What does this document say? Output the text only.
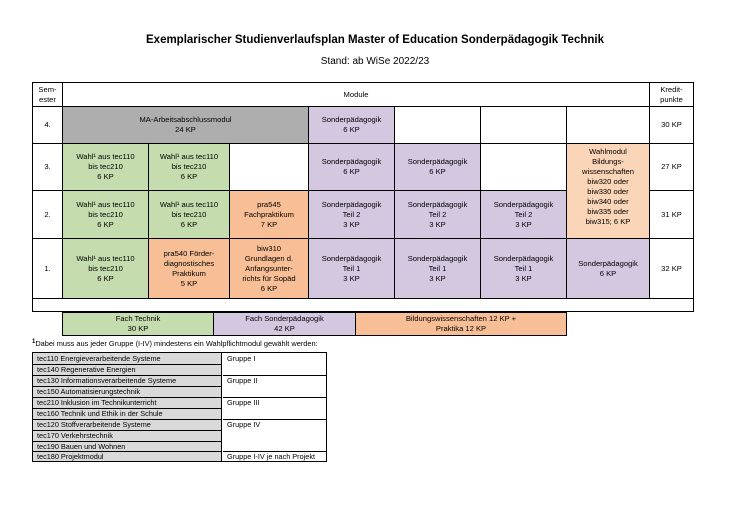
Exemplarischer Studienverlaufsplan Master of Education Sonderpädagogik Technik
Stand: ab WiSe 2022/23
Sem-
ester
Module
Kredit-
punkte
4.
MA-Arbeitsabschlussmodul
24 KP
Sonderpädagogik
6 KP
30 KP
3.
Wahl¹ aus tec110
bis tec210
6 KP
Wahl¹ aus tec110
bis tec210
6 KP
Sonderpädagogik
6 KP
Sonderpädagogik
6 KP
Wahlmodul
Bildungs-
wissenschaften
biw320 oder
biw330 oder
biw340 oder
biw335 oder
biw315; 6 KP
27 KP
2.
Wahl¹ aus tec110
bis tec210
6 KP
Wahl¹ aus tec110
bis tec210
6 KP
pra545
Fachpraktikum
7 KP
Sonderpädagogik
Teil 2
3 KP
Sonderpädagogik
Teil 2
3 KP
Sonderpädagogik
Teil 2
3 KP
31 KP
1.
Wahl¹ aus tec110
bis tec210
6 KP
pra540 Förder-
diagnostisches
Praktikum
5 KP
biw310
Grundlagen d.
Anfangsunter-
richts für Sopäd
6 KP
Sonderpädagogik
Teil 1
3 KP
Sonderpädagogik
Teil 1
3 KP
Sonderpädagogik
Teil 1
3 KP
Sonderpädagogik
6 KP
32 KP
Fach Technik
30 KP
Fach Sonderpädagogik
42 KP
Bildungswissenschaften 12 KP +
Praktika 12 KP
$^1$Dabei muss aus jeder Gruppe (I-IV) mindestens ein Wahlpflichtmodul gewählt werden:
tec110 Energieverarbeitende Systeme
tec140 Regenerative Energien
tec130 Informationsverarbeitende Systeme
tec150 Automatisierungstechnik
tec210 Inklusion im Technikunterricht
tec160 Technik und Ethik in der Schule
tec120 Stoffverarbeitende Systeme
tec170 Verkehrstechnik
tec190 Bauen und Wohnen
tec180 Projektmodul
Gruppe I
Gruppe II
Gruppe III
Gruppe IV
Gruppe I-IV je nach Projekt
